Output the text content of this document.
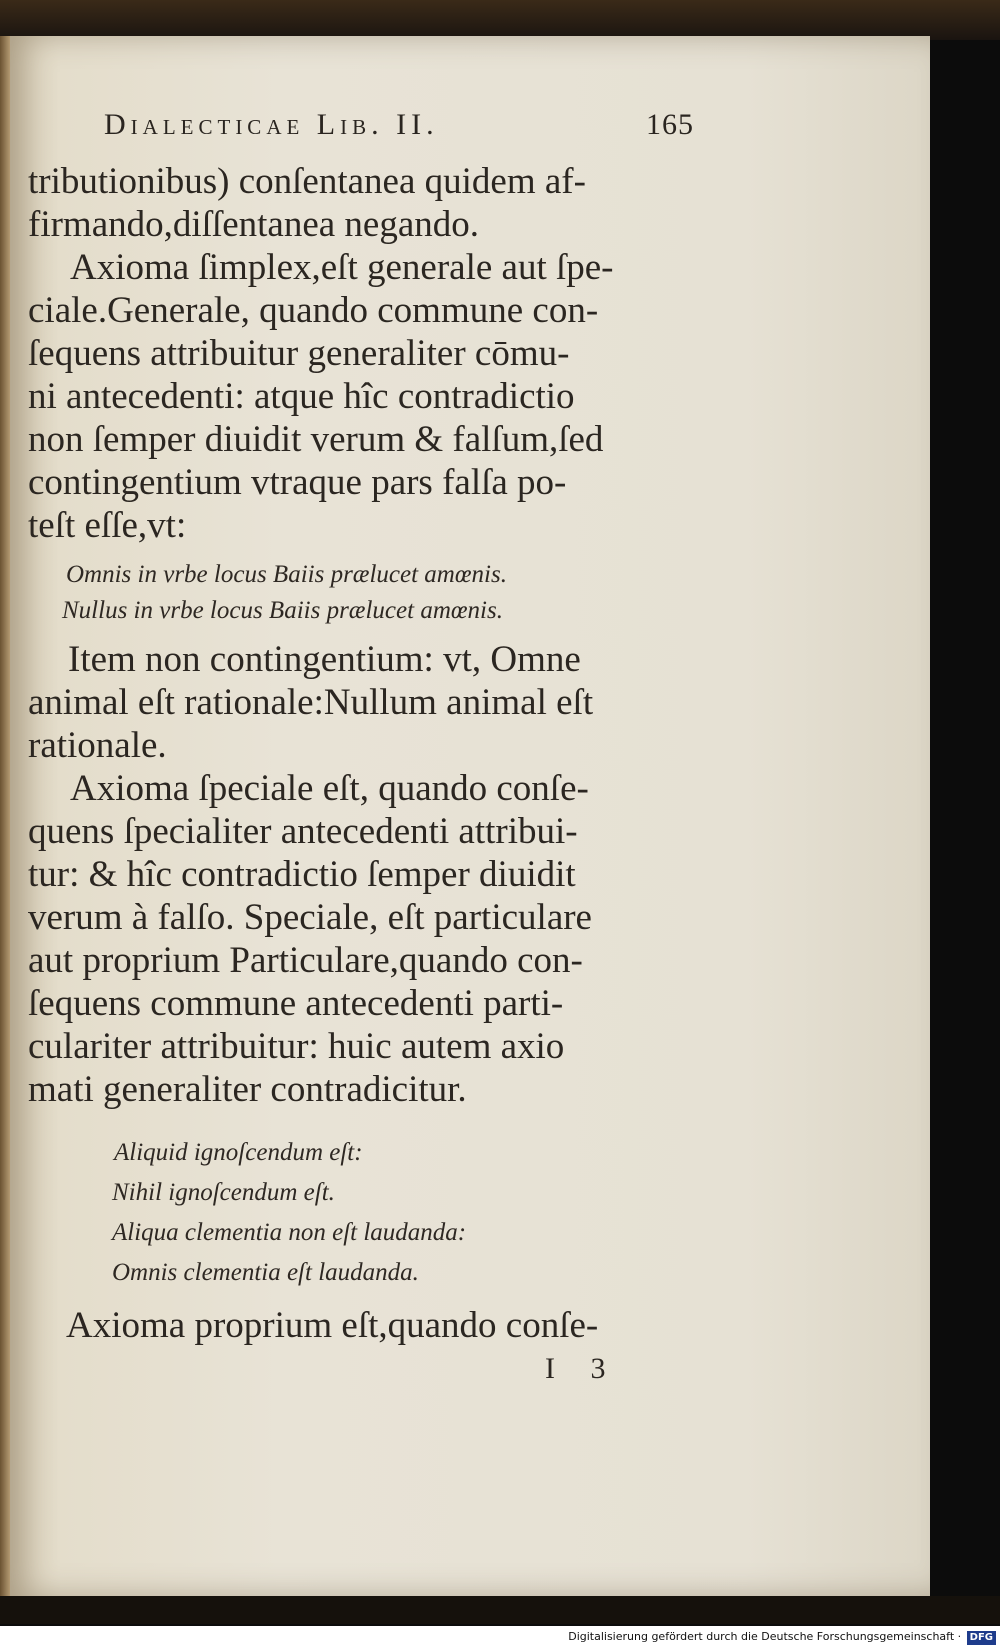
Dialecticae Lib. II.	165
tributionibus) conſentanea quidem af-
firmando,diſſentanea negando.
Axioma ſimplex,eſt generale aut ſpe-
ciale.Generale, quando commune con-
ſequens attribuitur generaliter cōmu-
ni antecedenti: atque hîc contradictio
non ſemper diuidit verum & falſum,ſed
contingentium vtraque pars falſa po-
teſt eſſe,vt:
Omnis in vrbe locus Baiis prælucet amœnis.
Nullus in vrbe locus Baiis prælucet amœnis.
Item non contingentium: vt, Omne
animal eſt rationale:Nullum animal eſt
rationale.
Axioma ſpeciale eſt, quando conſe-
quens ſpecialiter antecedenti attribui-
tur: & hîc contradictio ſemper diuidit
verum à falſo. Speciale, eſt particulare
aut proprium Particulare,quando con-
ſequens commune antecedenti parti-
culariter attribuitur: huic autem axio
mati generaliter contradicitur.
Aliquid ignoſcendum eſt:
Nihil ignoſcendum eſt.
Aliqua clementia non eſt laudanda:
Omnis clementia eſt laudanda.
Axioma proprium eſt,quando conſe-
I 3
Digitalisierung gefördert durch die Deutsche Forschungsgemeinschaft · DFG
